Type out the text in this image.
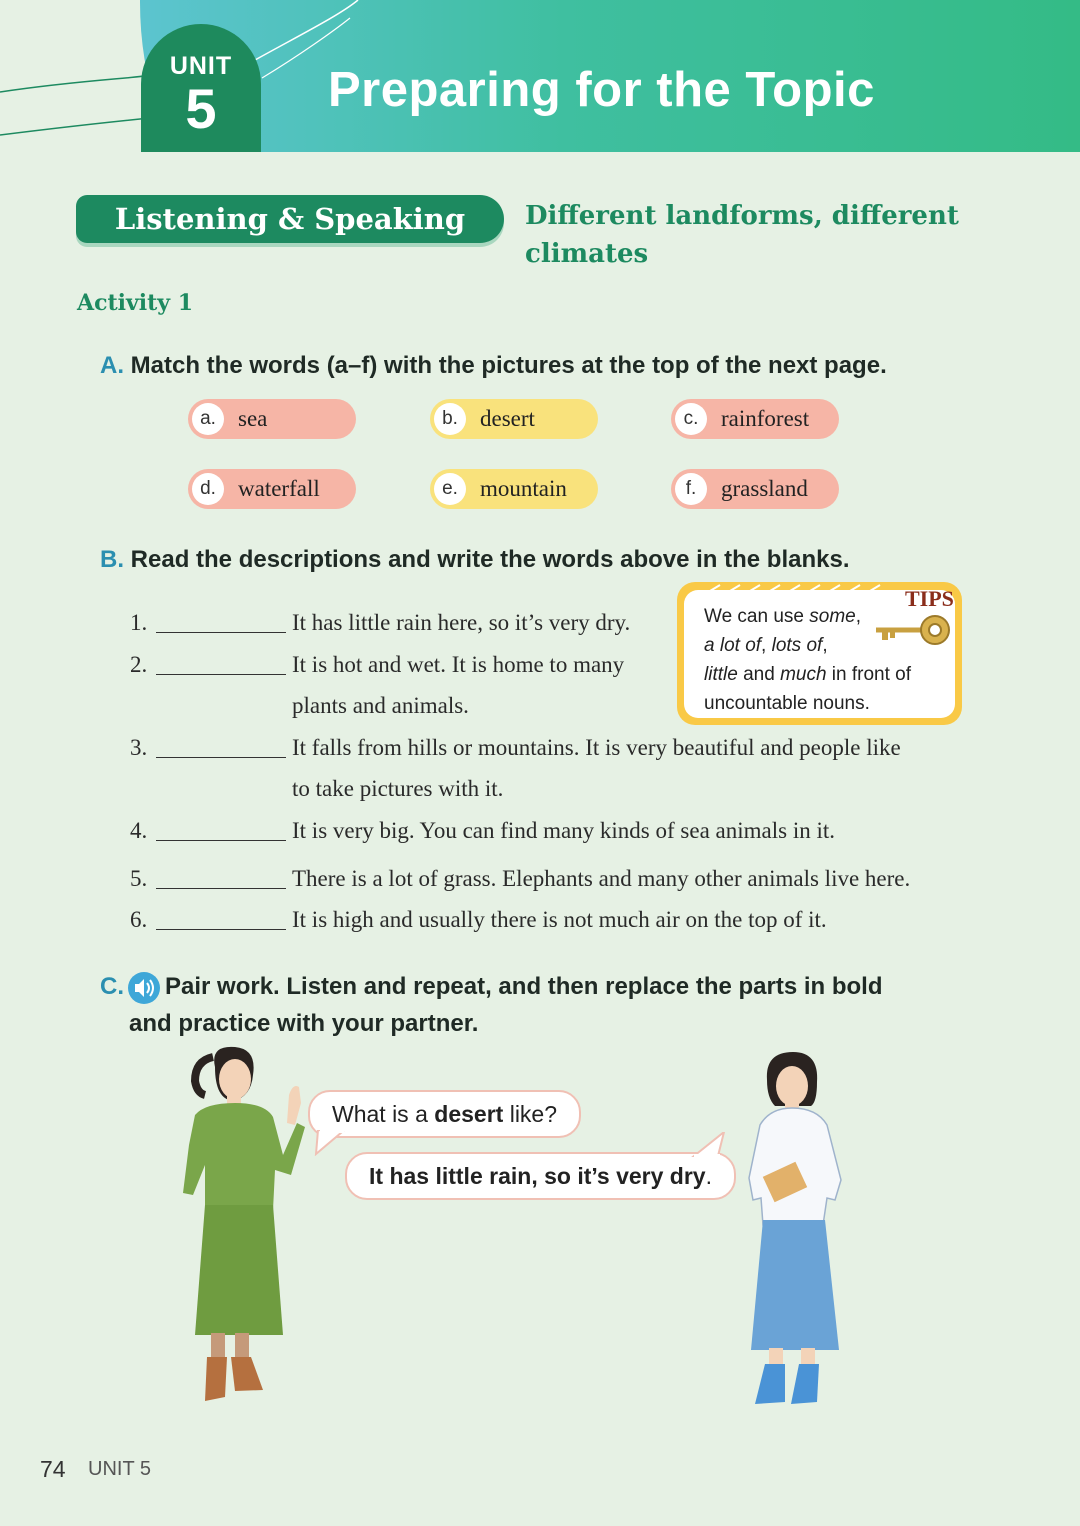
UNIT
5	Preparing for the Topic
Listening & Speaking	Different landforms, different climates
Activity 1
A. Match the words (a–f) with the pictures at the top of the next page.
a. sea	b. desert	c. rainforest
d. waterfall	e. mountain	f.	grassland
B. Read the descriptions and write the words above in the blanks.
1.	It has little rain here, so it’s very dry.
2.	It is hot and wet. It is home to many
plants and animals.
3.	It falls from hills or mountains. It is very beautiful and people like
to take pictures with it.
4.	It is very big. You can find many kinds of sea animals in it.
5.	There is a lot of grass. Elephants and many other animals live here.
6.	It is high and usually there is not much air on the top of it.
TIPS
We can use some,
a lot of, lots of,
little and much in front of
uncountable nouns.
C. Pair work. Listen and repeat, and then replace the parts in bold
and practice with your partner.
What is a desert like?
It has little rain, so it’s very dry.
74 UNIT 5
